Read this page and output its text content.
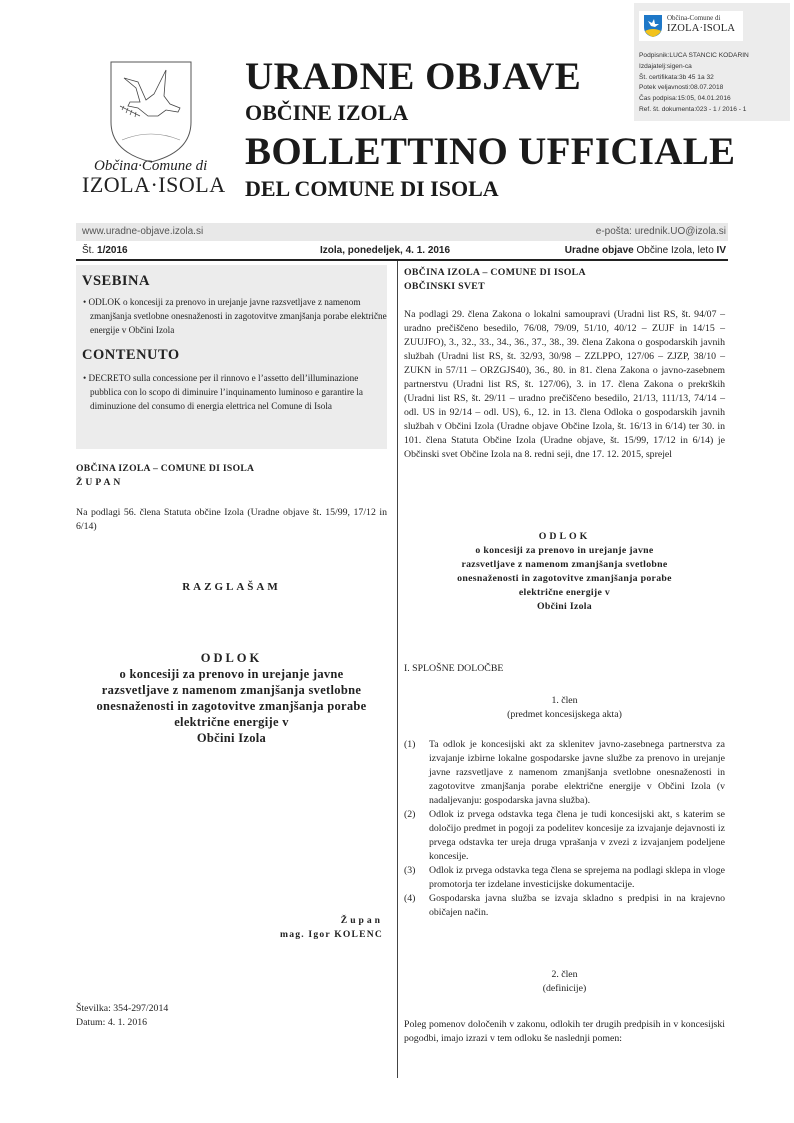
Občina-Comune di
IZOLA·ISOLA
Podpisnik:LUCA STANCIC KODARIN
Izdajatelj:sigen-ca
Št. certifikata:3b 45 1a 32
Potek veljavnosti:08.07.2018
Čas podpisa:15:05, 04.01.2016
Ref. št. dokumenta:023 - 1 / 2016 - 1
Občina·Comune di
IZOLA·ISOLA
URADNE OBJAVE
OBČINE IZOLA
BOLLETTINO UFFICIALE
DEL COMUNE DI ISOLA
www.uradne-objave.izola.si	e-pošta: urednik.UO@izola.si
Št. 1/2016	Izola, ponedeljek, 4. 1. 2016	Uradne objave Občine Izola, leto IV
VSEBINA
• ODLOK o koncesiji za prenovo in urejanje javne razsvetljave z namenom zmanjšanja svetlobne onesnaženosti in zagotovitve zmanjšanja porabe električne energije v Občini Izola
CONTENUTO
• DECRETO sulla concessione per il rinnovo e l’assetto dell’illuminazione pubblica con lo scopo di diminuire l’inquinamento luminoso e garantire la diminuzione del consumo di energia elettrica nel Comune di Isola
OBČINA IZOLA – COMUNE DI ISOLA
ŽUPAN
Na podlagi 56. člena Statuta občine Izola (Uradne objave št. 15/99, 17/12 in 6/14)
RAZGLAŠAM
ODLOK
o koncesiji za prenovo in urejanje javne
razsvetljave z namenom zmanjšanja svetlobne
onesnaženosti in zagotovitve zmanjšanja porabe
električne energije v
Občini Izola
Župan
mag. Igor KOLENC
Številka: 354-297/2014
Datum: 4. 1. 2016
OBČINA IZOLA – COMUNE DI ISOLA
OBČINSKI SVET
Na podlagi 29. člena Zakona o lokalni samoupravi (Uradni list RS, št. 94/07 – uradno prečiščeno besedilo, 76/08, 79/09, 51/10, 40/12 – ZUJF in 14/15 – ZUUJFO), 3., 32., 33., 34., 36., 37., 38., 39. člena Zakona o gospodarskih javnih službah (Uradni list RS, št. 32/93, 30/98 – ZZLPPO, 127/06 – ZJZP, 38/10 – ZUKN in 57/11 – ORZGJS40), 36., 80. in 81. člena Zakona o javno-zasebnem partnerstvu (Uradni list RS, št. 127/06), 3. in 17. člena Zakona o prekrških (Uradni list RS, št. 29/11 – uradno prečiščeno besedilo, 21/13, 111/13, 74/14 – odl. US in 92/14 – odl. US), 6., 12. in 13. člena Odloka o gospodarskih javnih službah v Občini Izola (Uradne objave Občine Izola, št. 16/13 in 6/14) ter 30. in 101. člena Statuta Občine Izola (Uradne objave, št. 15/99, 17/12 in 6/14) je Občinski svet Občine Izola na 8. redni seji, dne 17. 12. 2015, sprejel
ODLOK
o koncesiji za prenovo in urejanje javne
razsvetljave z namenom zmanjšanja svetlobne
onesnaženosti in zagotovitve zmanjšanja porabe
električne energije v
Občini Izola
I. SPLOŠNE DOLOČBE
1. člen
(predmet koncesijskega akta)
(1) Ta odlok je koncesijski akt za sklenitev javno-zasebnega partnerstva za izvajanje izbirne lokalne gospodarske javne službe za prenovo in urejanje javne razsvetljave z namenom zmanjšanja svetlobne onesnaženosti in zagotovitve zmanjšanja porabe električne energije v Občini Izola (v nadaljevanju: gospodarska javna služba).
(2) Odlok iz prvega odstavka tega člena je tudi koncesijski akt, s katerim se določijo predmet in pogoji za podelitev koncesije za izvajanje dejavnosti iz prvega odstavka ter ureja druga vprašanja v zvezi z izvajanjem podeljene koncesije.
(3) Odlok iz prvega odstavka tega člena se sprejema na podlagi sklepa in vloge promotorja ter izdelane investicijske dokumentacije.
(4) Gospodarska javna služba se izvaja skladno s predpisi in na krajevno običajen način.
2. člen
(definicije)
Poleg pomenov določenih v zakonu, odlokih ter drugih predpisih in v koncesijski pogodbi, imajo izrazi v tem odloku še naslednji pomen:
